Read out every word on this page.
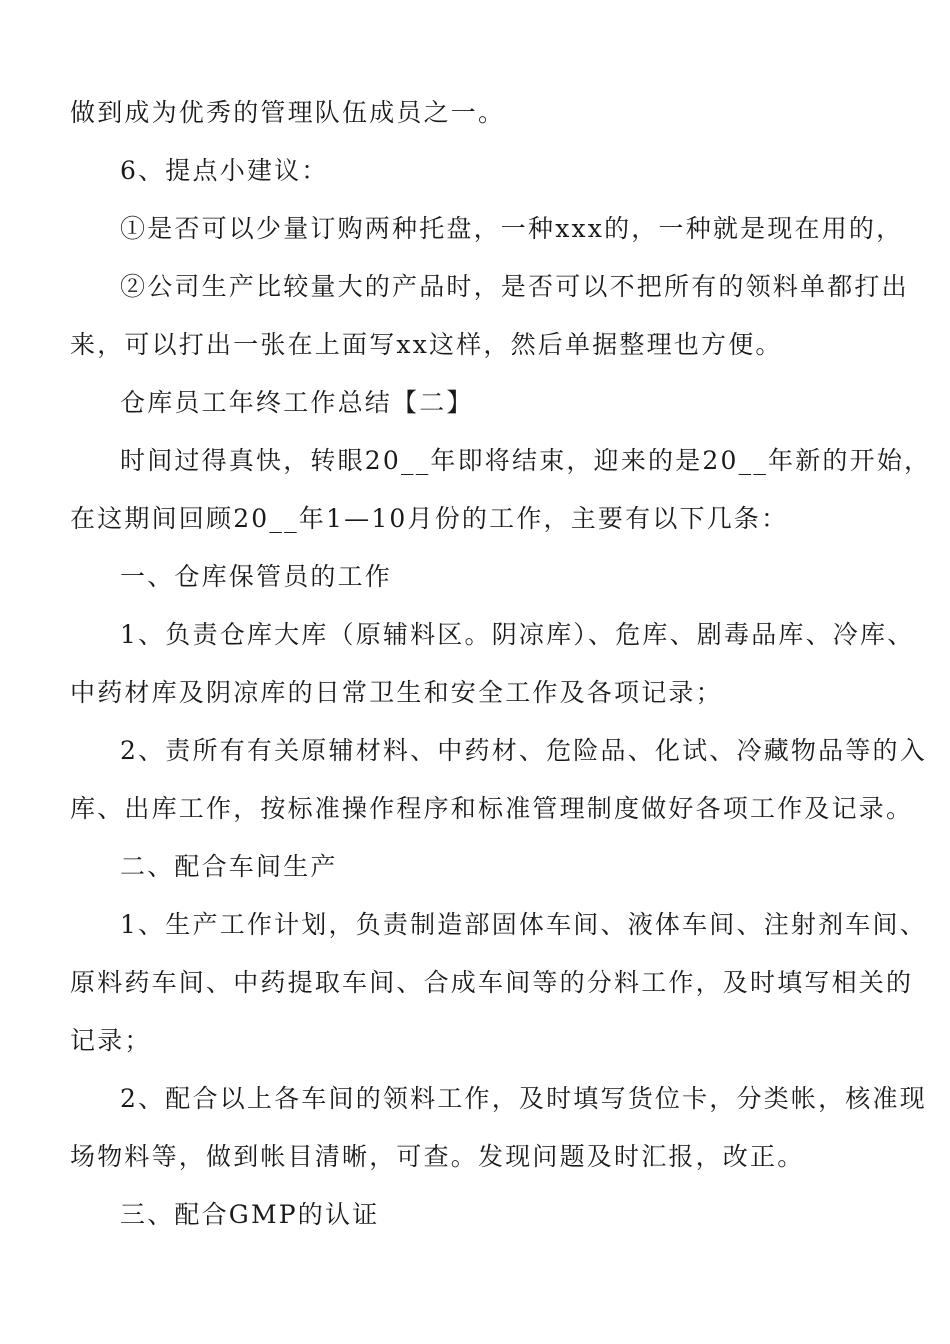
做到成为优秀的管理队伍成员之一。
6、提点小建议：
①是否可以少量订购两种托盘，一种xxx的，一种就是现在用的，
②公司生产比较量大的产品时，是否可以不把所有的领料单都打出
来，可以打出一张在上面写xx这样，然后单据整理也方便。
仓库员工年终工作总结【二】
时间过得真快，转眼20__年即将结束，迎来的是20__年新的开始，
在这期间回顾20__年1—10月份的工作，主要有以下几条：
一、仓库保管员的工作
1、负责仓库大库（原辅料区。阴凉库）、危库、剧毒品库、冷库、
中药材库及阴凉库的日常卫生和安全工作及各项记录；
2、责所有有关原辅材料、中药材、危险品、化试、冷藏物品等的入
库、出库工作，按标准操作程序和标准管理制度做好各项工作及记录。
二、配合车间生产
1、生产工作计划，负责制造部固体车间、液体车间、注射剂车间、
原料药车间、中药提取车间、合成车间等的分料工作，及时填写相关的
记录；
2、配合以上各车间的领料工作，及时填写货位卡，分类帐，核准现
场物料等，做到帐目清晰，可查。发现问题及时汇报，改正。
三、配合GMP的认证
